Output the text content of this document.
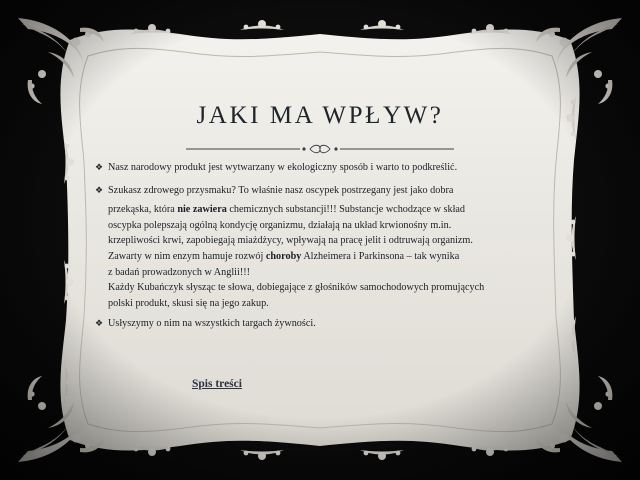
JAKI MA WPŁYW?
❖ Nasz narodowy produkt jest wytwarzany w ekologiczny sposób i warto to podkreślić.
❖ Szukasz zdrowego przysmaku? To właśnie nasz oscypek postrzegany jest jako dobra

przekąska, która nie zawiera chemicznych substancji!!! Substancje wchodzące w skład

oscypka polepszają ogólną kondycję organizmu, działają na układ krwionośny m.in.

krzepliwości krwi, zapobiegają miażdżycy, wpływają na pracę jelit i odtruwają organizm.

Zawarty w nim enzym hamuje rozwój choroby Alzheimera i Parkinsona – tak wynika

z badań prowadzonych w Anglii!!!

Każdy Kubańczyk słysząc te słowa, dobiegające z głośników samochodowych promujących

polski produkt, skusi się na jego zakup.

❖ Usłyszymy o nim na wszystkich targach żywności.
Spis treści
